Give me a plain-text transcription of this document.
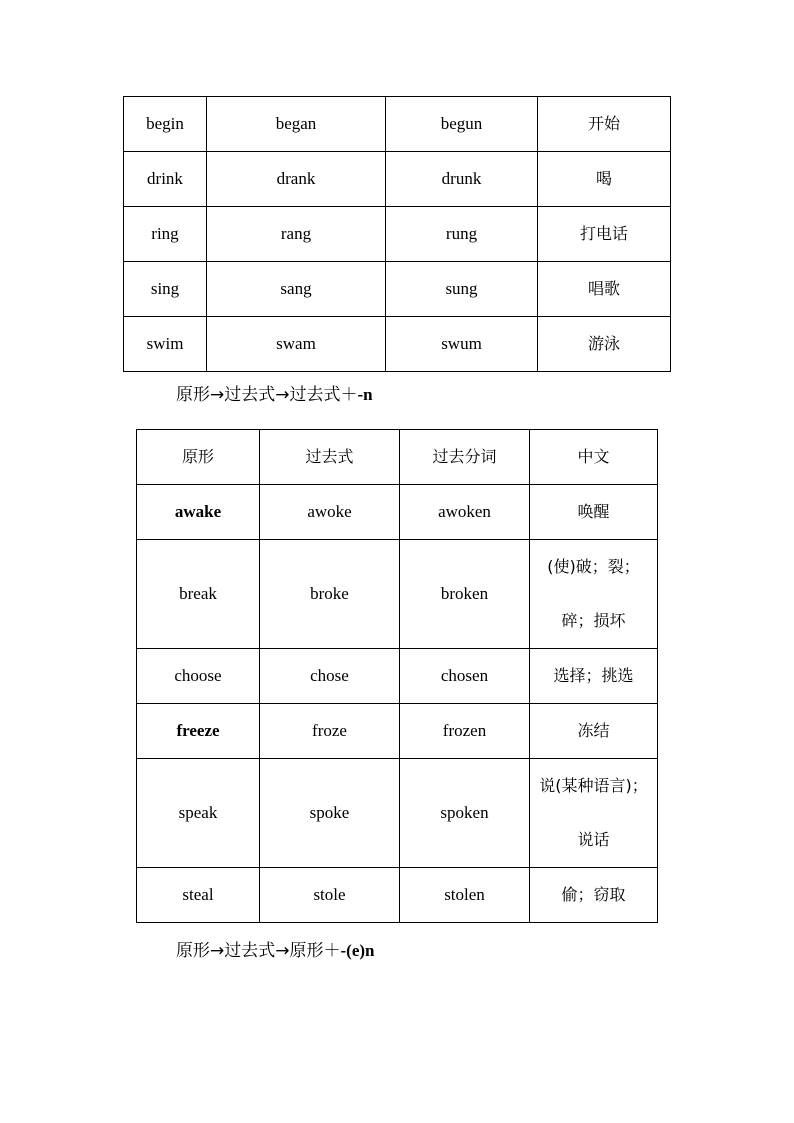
begin	began	begun	开始
drink	drank	drunk	喝
ring	rang	rung	打电话
sing	sang	sung	唱歌
swim	swam	swum	游泳
原形→过去式→过去式＋-n
原形	过去式	过去分词	中文
awake	awoke	awoken	唤醒
break	broke	broken	(使)破；裂；碎；损坏
choose	chose	chosen	选择；挑选
freeze	froze	frozen	冻结
speak	spoke	spoken	说(某种语言)；说话
steal	stole	stolen	偷；窃取
原形→过去式→原形＋-(e)n
